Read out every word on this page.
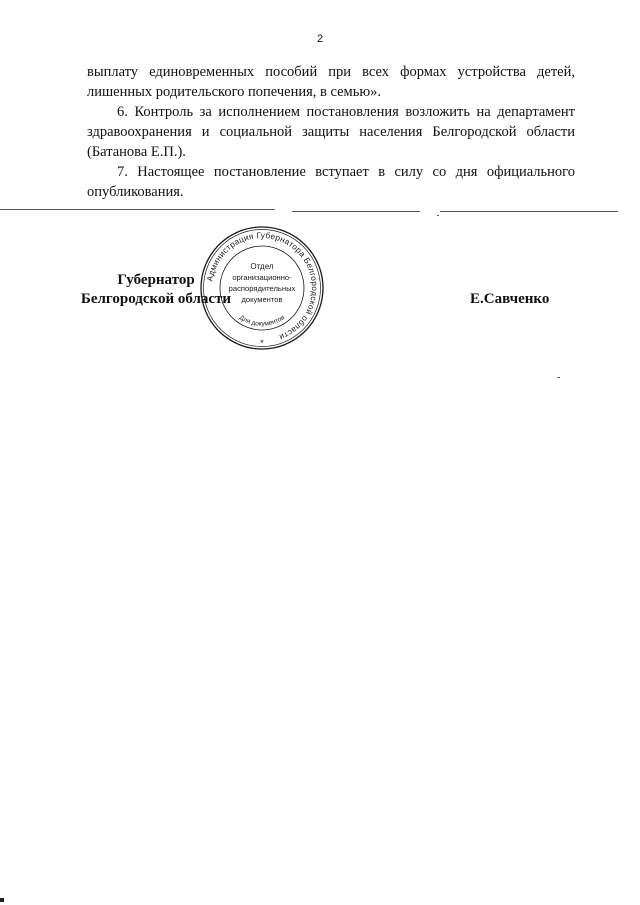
2

выплату единовременных пособий при всех формах устройства детей,
лишенных родительского попечения, в семью».

6. Контроль за исполнением постановления возложить на департамент

здравоохранения и социальной защиты населения Белгородской области
(Батанова Е.П.).

7. Настоящее постановление вступает в силу со дня официального

опубликования.

Губернатор
Белгородской области	Е.Савченко
Администрация Губернатора Белгородской области
Отдел
организационно-
распорядительных
документов
Для документов
*
